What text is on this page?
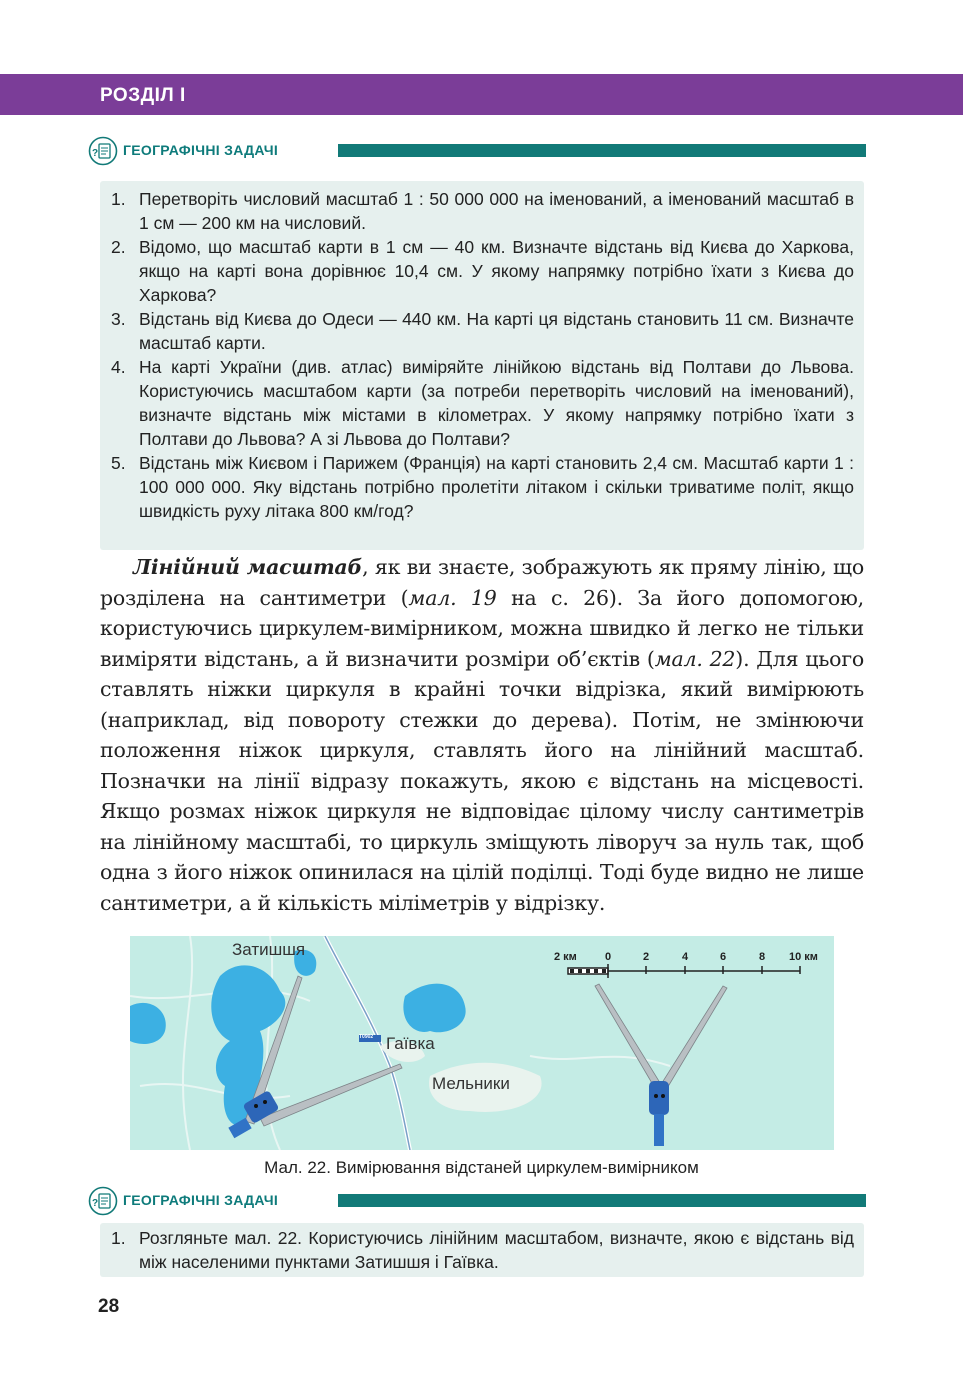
РОЗДІЛ I
? ГЕОГРАФІЧНІ ЗАДАЧІ
1. Перетворіть числовий масштаб 1 : 50 000 000 на іменований, а іменований масштаб в 1 см — 200 км на числовий.
2. Відомо, що масштаб карти в 1 см — 40 км. Визначте відстань від Києва до Харкова, якщо на карті вона дорівнює 10,4 см. У якому напрямку потрібно їхати з Києва до Харкова?
3. Відстань від Києва до Одеси — 440 км. На карті ця відстань становить 11 см. Визначте масштаб карти.
4. На карті України (див. атлас) виміряйте лінійкою відстань від Полтави до Львова. Користуючись масштабом карти (за потреби перетворіть числовий на іменований), визначте відстань між містами в кілометрах. У якому напрямку потрібно їхати з Полтави до Львова? А зі Львова до Полтави?
5. Відстань між Києвом і Парижем (Франція) на карті становить 2,4 см. Масштаб карти 1 : 100 000 000. Яку відстань потрібно пролетіти літаком і скільки триватиме політ, якщо швидкість руху літака 800 км/год?

Лінійний масштаб, як ви знаєте, зображують як пряму лінію, що розділена на сантиметри (мал. 19 на с. 26). За його допомогою, користуючись циркулем-вимірником, можна швидко й легко не тільки виміряти відстань, а й визначити розміри об’єктів (мал. 22). Для цього ставлять ніжки циркуля в крайні точки відрізка, який вимірюють (наприклад, від повороту стежки до дерева). Потім, не змінюючи положення ніжок циркуля, ставлять його на лінійний масштаб. Позначки на лінії відразу покажуть, якою є відстань на місцевості. Якщо розмах ніжок циркуля не відповідає цілому числу сантиметрів на лінійному масштабі, то циркуль зміщують ліворуч за нуль так, щоб одна з його ніжок опинилася на цілій поділці. Тоді буде видно не лише сантиметри, а й кількість міліметрів у відрізку.

Затишшя
Гаївка
Мельники
Т0902
2 км	0	2	4	6	8 10 км
Мал. 22. Вимірювання відстаней циркулем-вимірником
? ГЕОГРАФІЧНІ ЗАДАЧІ
1. Розгляньте мал. 22. Користуючись лінійним масштабом, визначте, якою є відстань від між населеними пунктами Затишшя і Гаївка.
28
